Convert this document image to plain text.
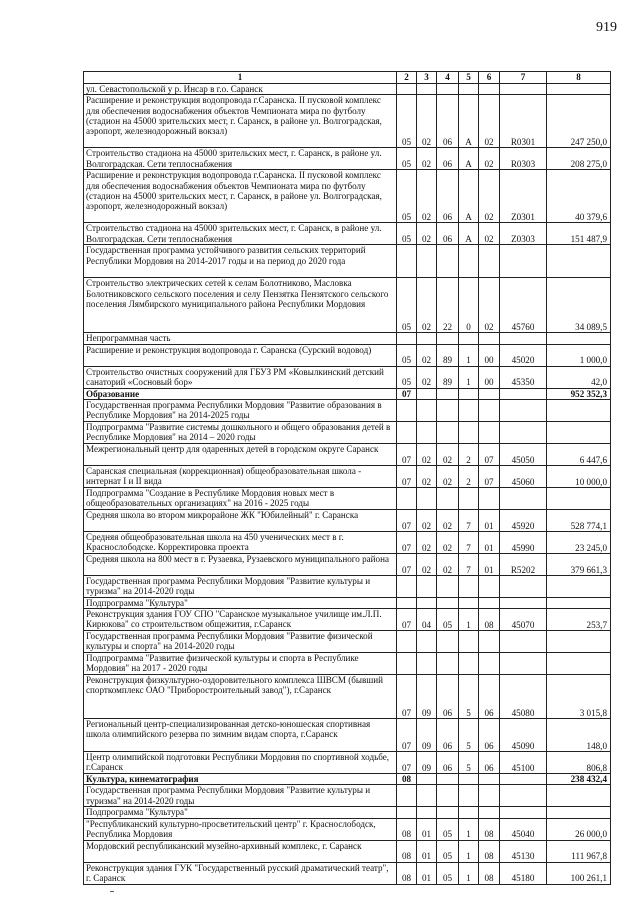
919
1	2	3	4	5	6	7	8
ул. Севастопольской у р. Инсар в г.о. Саранск							
Расширение и реконструкция водопровода г.Саранска. II пусковой комплекс для обеспечения водоснабжения объектов Чемпионата мира по футболу (стадион на 45000 зрительских мест, г. Саранск, в районе ул. Волгоградская, аэропорт, железнодорожный вокзал)	05	02	06	А	02	R0301	247 250,0
Строительство стадиона на 45000 зрительских мест, г. Саранск, в районе ул. Волгоградская. Сети теплоснабжения	05	02	06	А	02	R0303	208 275,0
Расширение и реконструкция водопровода г.Саранска. II пусковой комплекс для обеспечения водоснабжения объектов Чемпионата мира по футболу (стадион на 45000 зрительских мест, г. Саранск, в районе ул. Волгоградская, аэропорт, железнодорожный вокзал)	05	02	06	А	02	Z0301	40 379,6
Строительство стадиона на 45000 зрительских мест, г. Саранск, в районе ул. Волгоградская. Сети теплоснабжения	05	02	06	А	02	Z0303	151 487,9
Государственная программа устойчивого развития сельских территорий Республики Мордовия на 2014-2017 годы и на период до 2020 года							
Строительство электрических сетей к селам Болотниково, Масловка Болотниковского сельского поселения и селу Пензятка Пензятского сельского поселения Лямбирского муниципального района Республики Мордовия	05	02	22	0	02	45760	34 089,5
Непрограммная часть							
Расширение и реконструкция водопровода г. Саранска (Сурский водовод)	05	02	89	1	00	45020	1 000,0
Строительство очистных сооружений для ГБУЗ РМ «Ковылкинский детский санаторий «Сосновый бор»	05	02	89	1	00	45350	42,0
Образование	07						952 352,3
Государственная программа Республики Мордовия "Развитие образования в Республике Мордовия" на 2014-2025 годы							
Подпрограмма "Развитие системы дошкольного и общего образования детей в Республике Мордовия" на 2014 – 2020 годы							
Межрегиональный центр для одаренных детей в городском округе Саранск	07	02	02	2	07	45050	6 447,6
Саранская специальная (коррекционная) общеобразовательная школа - интернат I и II вида	07	02	02	2	07	45060	10 000,0
Подпрограмма "Создание в Республике Мордовия новых мест в общеобразовательных организациях" на 2016 - 2025 годы							
Средняя школа во втором микрорайоне ЖК "Юбилейный" г. Саранска	07	02	02	7	01	45920	528 774,1
Средняя общеобразовательная школа на 450 ученических мест в г. Краснослободске. Корректировка проекта	07	02	02	7	01	45990	23 245,0
Средняя школа на 800 мест в г. Рузаевка, Рузаевского муниципального района	07	02	02	7	01	R5202	379 661,3
Государственная программа Республики Мордовия "Развитие культуры и туризма" на 2014-2020 годы							
Подпрограмма "Культура"							
Реконструкция здания ГОУ СПО "Саранское музыкальное училище им.Л.П. Кирюкова" со строительством общежития, г.Саранск	07	04	05	1	08	45070	253,7
Государственная программа Республики Мордовия "Развитие физической культуры и спорта" на 2014-2020 годы							
Подпрограмма "Развитие физической культуры и спорта в Республике Мордовия" на 2017 - 2020 годы							
Реконструкция физкультурно-оздоровительного комплекса ШВСМ (бывший спорткомплекс ОАО "Приборостроительный завод"), г.Саранск	07	09	06	5	06	45080	3 015,8
Региональный центр-специализированная детско-юношеская спортивная школа олимпийского резерва по зимним видам спорта, г.Саранск	07	09	06	5	06	45090	148,0
Центр олимпийской подготовки Республики Мордовия по спортивной ходьбе, г.Саранск	07	09	06	5	06	45100	806,8
Культура, кинематография	08						238 432,4
Государственная программа Республики Мордовия "Развитие культуры и туризма" на 2014-2020 годы							
Подпрограмма "Культура"							
"Республиканский культурно-просветительский центр" г. Краснослободск, Республика Мордовия	08	01	05	1	08	45040	26 000,0
Мордовский республиканский музейно-архивный комплекс, г. Саранск	08	01	05	1	08	45130	111 967,8
Реконструкция здания ГУК "Государственный русский драматический театр", г. Саранск	08	01	05	1	08	45180	100 261,1
